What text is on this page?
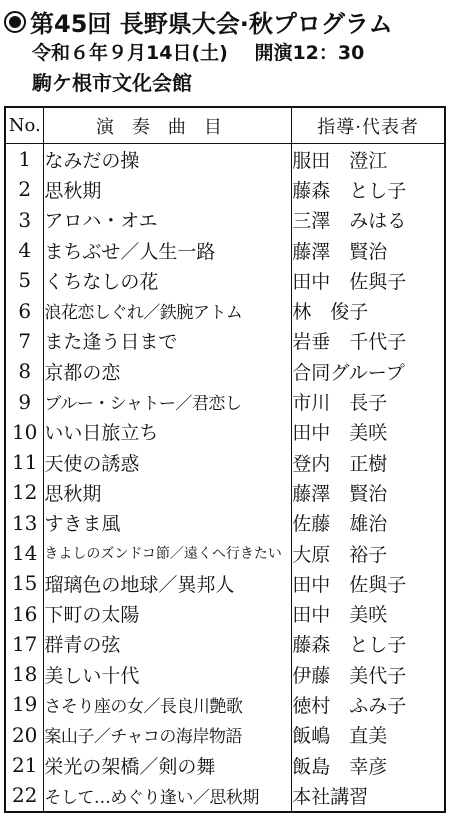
第45回 長野県大会·秋プログラム
令和６年９月14日(土) 開演12：30
駒ケ根市文化会館
No.	演奏曲目	指導·代表者
1	なみだの操	服田　澄江
2	思秋期	藤森　とし子
3	アロハ・オエ	三澤　みはる
4	まちぶせ／人生一路	藤澤　賢治
5	くちなしの花	田中　佐與子
6	浪花恋しぐれ／鉄腕アトム	林　俊子
7	また逢う日まで	岩垂　千代子
8	京都の恋	合同グループ
9	ブルー・シャトー／君恋し	市川　長子
10	いい日旅立ち	田中　美咲
11	天使の誘惑	登内　正樹
12	思秋期	藤澤　賢治
13	すきま風	佐藤　雄治
14	きよしのズンドコ節／遠くへ行きたい	大原　裕子
15	瑠璃色の地球／異邦人	田中　佐與子
16	下町の太陽	田中　美咲
17	群青の弦	藤森　とし子
18	美しい十代	伊藤　美代子
19	さそり座の女／長良川艶歌	徳村　ふみ子
20	案山子／チャコの海岸物語	飯嶋　直美
21	栄光の架橋／剣の舞	飯島　幸彦
22	そして…めぐり逢い／思秋期	本社講習
